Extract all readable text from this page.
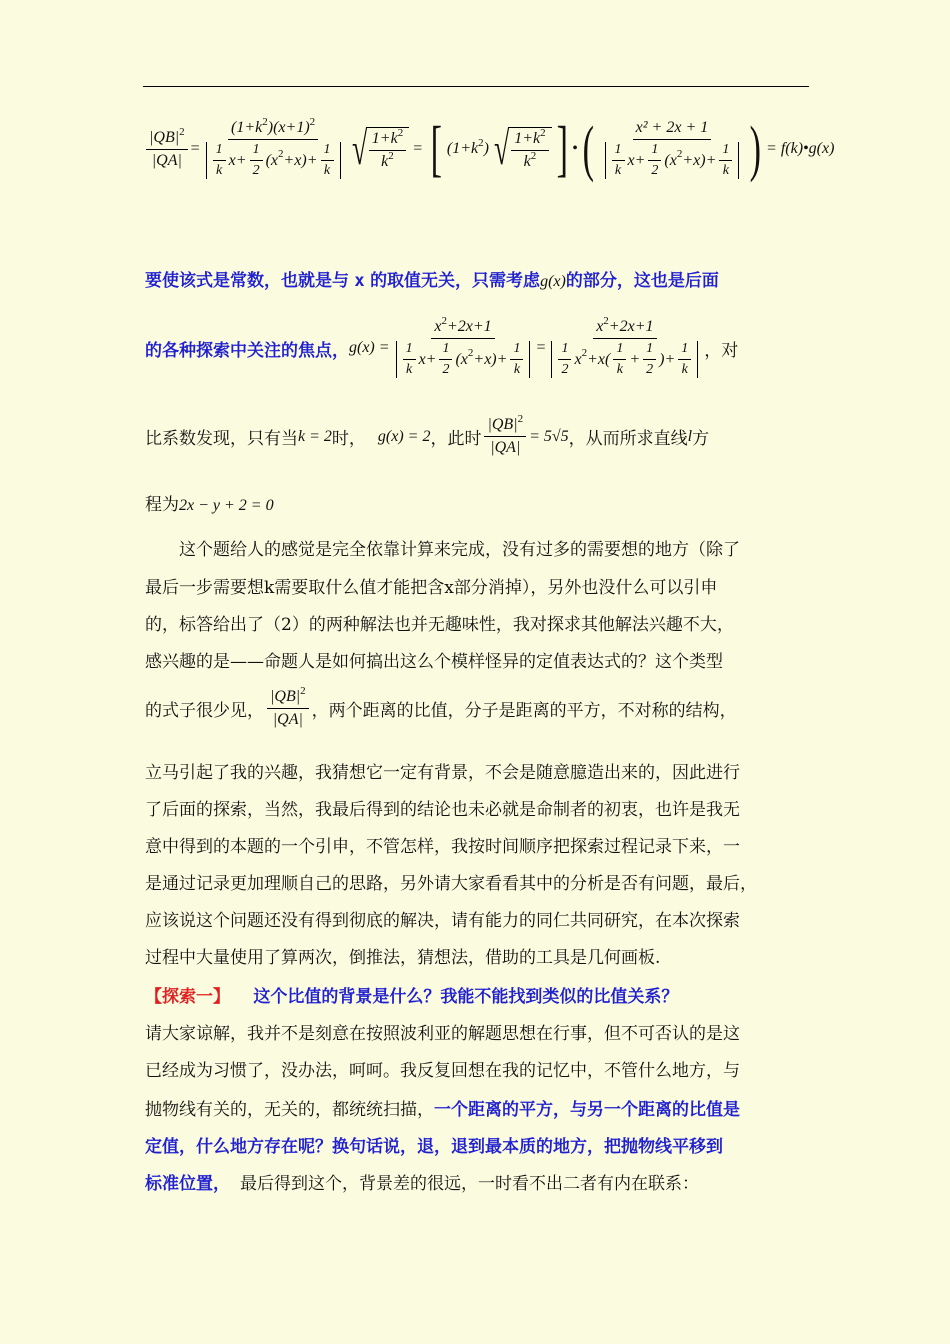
$\frac{|QB|^2}{|QA|} = \frac{(1+k^2)(x+1)^2}{\frac{1}{k} x+ \frac{1}{2} (x 2 +x)+ \frac{1}{k}}$ √ $\frac{1+k^2}{k^2}$ = [ $(1+k^2)$ √ $\frac{1+k^2}{k^2}$ ] • ( $\frac{\text{x² + 2x + 1}}{\frac{1}{k} x+ \frac{1}{2} (x 2 +x)+ \frac{1}{k}}$ ) = f(k)•g(x)
要使该式是常数，也就是与 x 的取值无关，只需考虑g(x)的部分，这也是后面
的各种探索中关注的焦点， $g(x) = \frac{x^2+2x+1}{\frac{1}{k} x+ \frac{1}{2} (x 2 +x)+ \frac{1}{k}} = \frac{x^2+2x+1}{\frac{1}{2} x 2 +x( \frac{1}{k} + \frac{1}{2} )+ \frac{1}{k}}$ ，对
比系数发现，只有当 k = 2 时， g(x) = 2 ，此时 $\frac{|QB|^2}{|QA|} = 5√5$ ，从而所求直线 l 方
程为2x − y + 2 = 0
　　这个题给人的感觉是完全依靠计算来完成，没有过多的需要想的地方（除了
最后一步需要想k需要取什么值才能把含x部分消掉），另外也没什么可以引申
的，标答给出了（2）的两种解法也并无趣味性，我对探求其他解法兴趣不大，
感兴趣的是——命题人是如何搞出这么个模样怪异的定值表达式的？这个类型
的式子很少见， $\frac{|QB|^2}{|QA|}$ ，两个距离的比值，分子是距离的平方，不对称的结构，
立马引起了我的兴趣，我猜想它一定有背景，不会是随意臆造出来的，因此进行
了后面的探索，当然，我最后得到的结论也未必就是命制者的初衷，也许是我无
意中得到的本题的一个引申，不管怎样，我按时间顺序把探索过程记录下来，一
是通过记录更加理顺自己的思路，另外请大家看看其中的分析是否有问题，最后，
应该说这个问题还没有得到彻底的解决，请有能力的同仁共同研究，在本次探索
过程中大量使用了算两次，倒推法，猜想法，借助的工具是几何画板.
【探索一】 这个比值的背景是什么？我能不能找到类似的比值关系？
请大家谅解，我并不是刻意在按照波利亚的解题思想在行事，但不可否认的是这
已经成为习惯了，没办法，呵呵。我反复回想在我的记忆中，不管什么地方，与
抛物线有关的，无关的，都统统扫描，一个距离的平方，与另一个距离的比值是
定值，什么地方存在呢？换句话说，退，退到最本质的地方，把抛物线平移到
标准位置， 最后得到这个，背景差的很远，一时看不出二者有内在联系：
